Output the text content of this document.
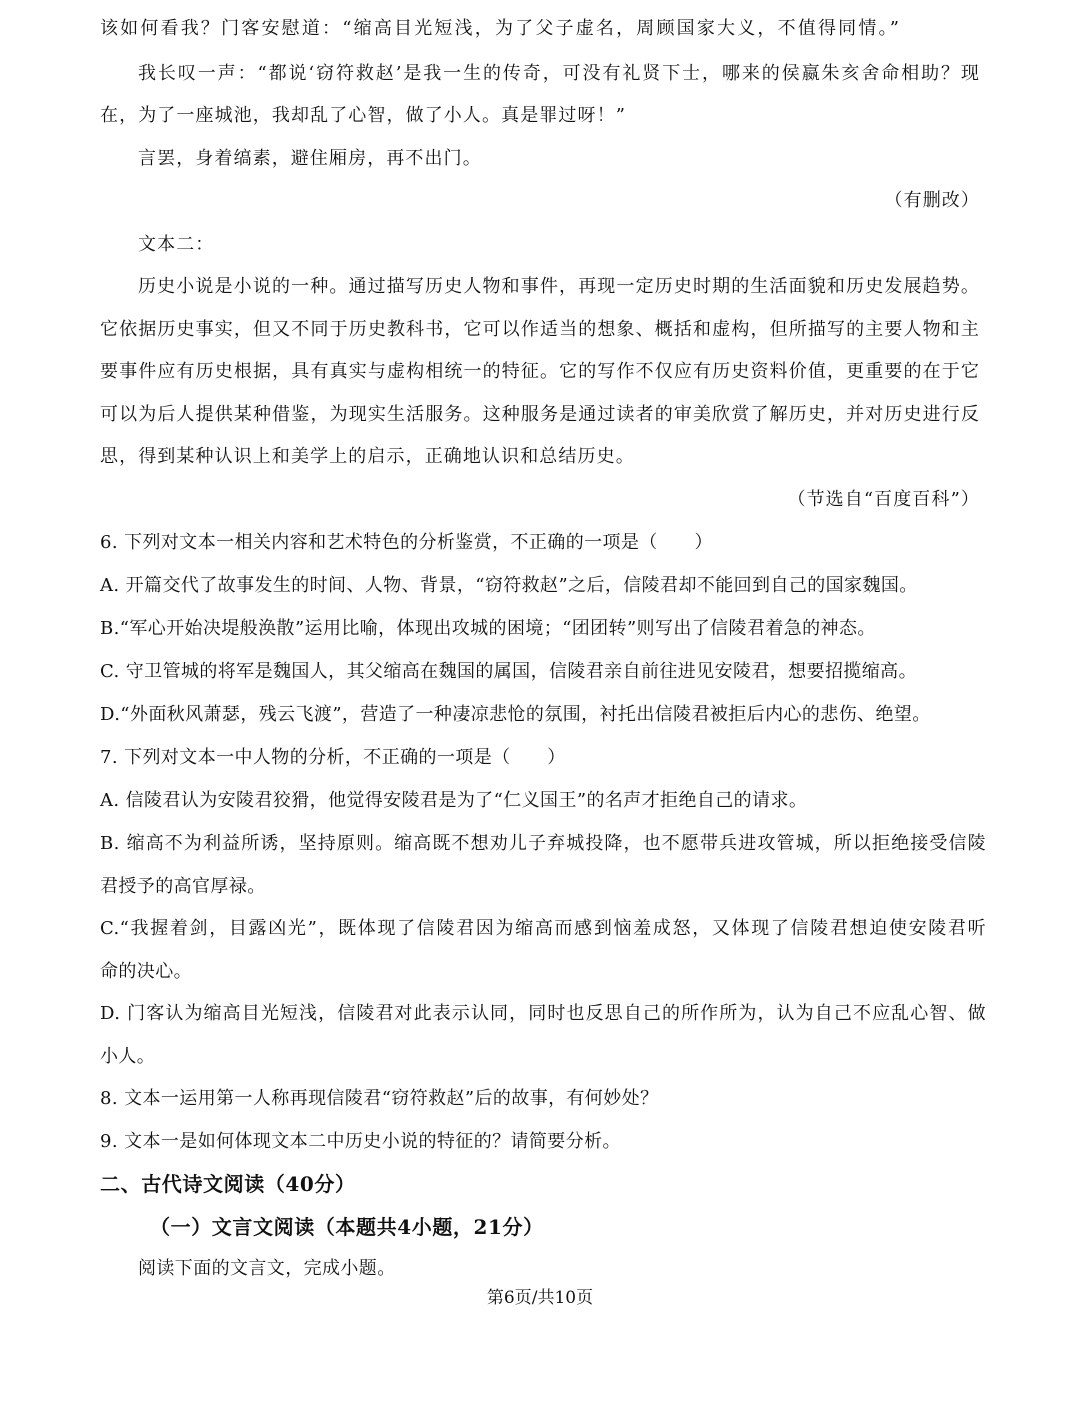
该如何看我？门客安慰道：“缩高目光短浅，为了父子虚名，周顾国家大义，不值得同情。”
我长叹一声：“都说‘窃符救赵’是我一生的传奇，可没有礼贤下士，哪来的侯嬴朱亥舍命相助？现
在，为了一座城池，我却乱了心智，做了小人。真是罪过呀！”
言罢，身着缟素，避住厢房，再不出门。
（有删改）
文本二：
历史小说是小说的一种。通过描写历史人物和事件，再现一定历史时期的生活面貌和历史发展趋势。
它依据历史事实，但又不同于历史教科书，它可以作适当的想象、概括和虚构，但所描写的主要人物和主
要事件应有历史根据，具有真实与虚构相统一的特征。它的写作不仅应有历史资料价值，更重要的在于它
可以为后人提供某种借鉴，为现实生活服务。这种服务是通过读者的审美欣赏了解历史，并对历史进行反
思，得到某种认识上和美学上的启示，正确地认识和总结历史。
（节选自“百度百科”）
6. 下列对文本一相关内容和艺术特色的分析鉴赏，不正确的一项是（　　）
A. 开篇交代了故事发生的时间、人物、背景，“窃符救赵”之后，信陵君却不能回到自己的国家魏国。
B.“军心开始决堤般涣散”运用比喻，体现出攻城的困境；“团团转”则写出了信陵君着急的神态。
C. 守卫管城的将军是魏国人，其父缩高在魏国的属国，信陵君亲自前往进见安陵君，想要招揽缩高。
D.“外面秋风萧瑟，残云飞渡”，营造了一种凄凉悲怆的氛围，衬托出信陵君被拒后内心的悲伤、绝望。
7. 下列对文本一中人物的分析，不正确的一项是（　　）
A. 信陵君认为安陵君狡猾，他觉得安陵君是为了“仁义国王”的名声才拒绝自己的请求。
B. 缩高不为利益所诱，坚持原则。缩高既不想劝儿子弃城投降，也不愿带兵进攻管城，所以拒绝接受信陵
君授予的高官厚禄。
C.“我握着剑，目露凶光”，既体现了信陵君因为缩高而感到恼羞成怒，又体现了信陵君想迫使安陵君听
命的决心。
D. 门客认为缩高目光短浅，信陵君对此表示认同，同时也反思自己的所作所为，认为自己不应乱心智、做
小人。
8. 文本一运用第一人称再现信陵君“窃符救赵”后的故事，有何妙处？
9. 文本一是如何体现文本二中历史小说的特征的？请简要分析。
二、古代诗文阅读（40分）
（一）文言文阅读（本题共4小题，21分）
阅读下面的文言文，完成小题。
第6页/共10页
